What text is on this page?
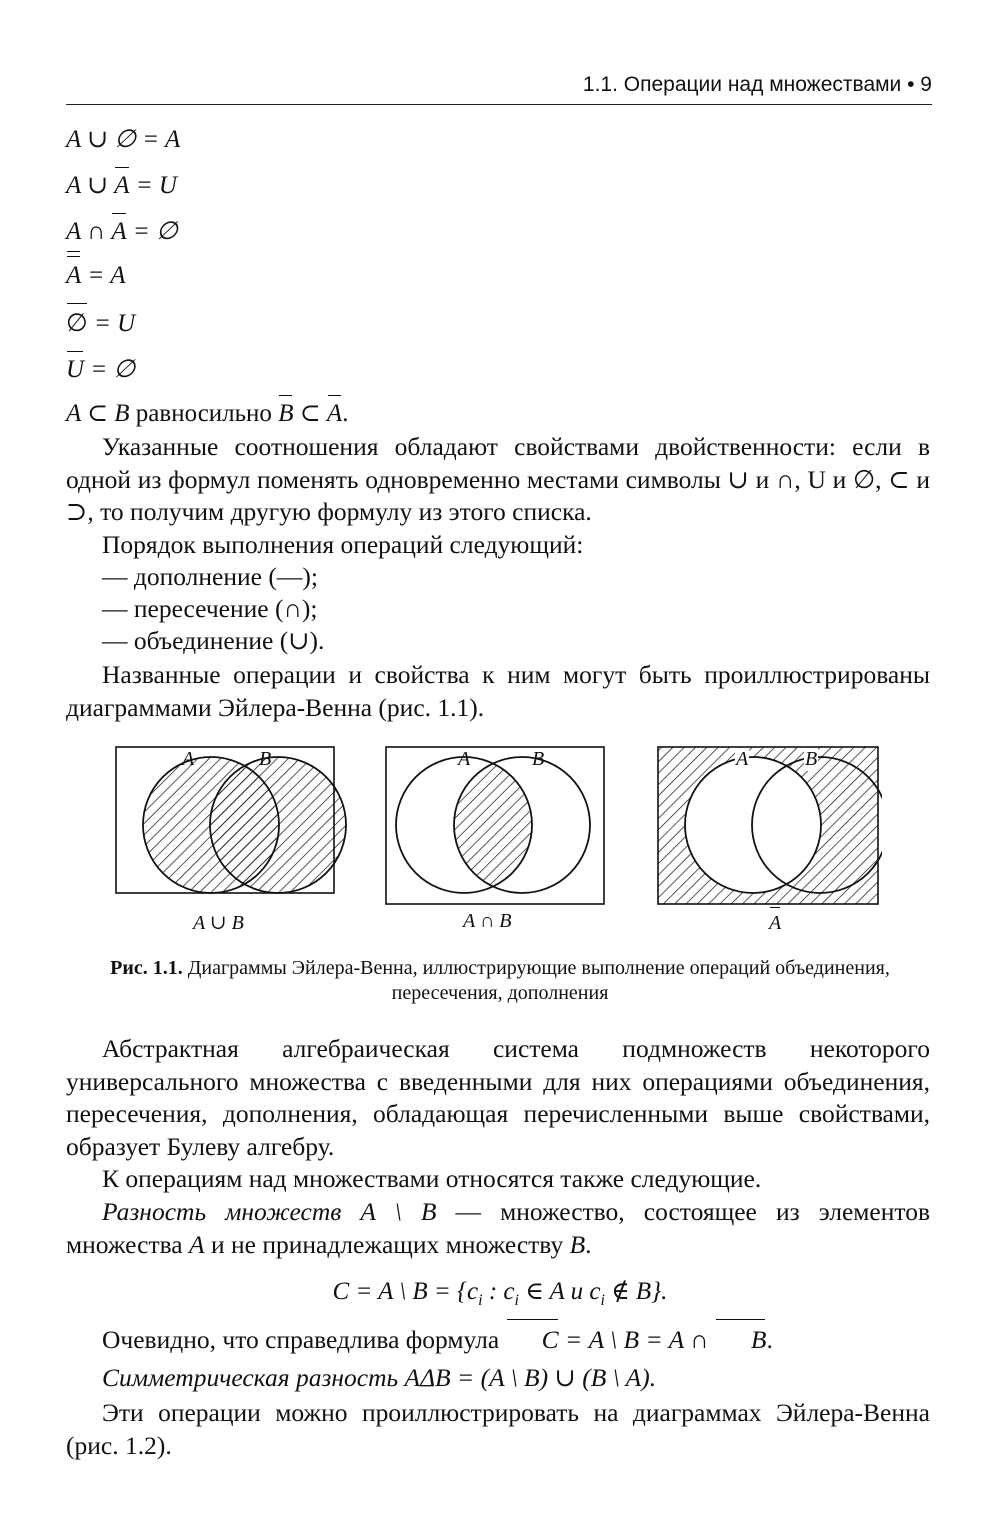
1.1. Операции над множествами • 9
A ∪ ∅ = A
A ∪ A = U
A ∩ A = ∅
A = A
∅ = U
U = ∅
A ⊂ B равносильно B ⊂ A.
Указанные соотношения обладают свойствами двойственности: если в одной из формул поменять одновременно местами символы ∪ и ∩, U и ∅, ⊂ и ⊃, то получим другую формулу из этого списка.
Порядок выполнения операций следующий:
— дополнение (—);
— пересечение (∩);
— объединение (∪).
Названные операции и свойства к ним могут быть проиллюстрированы диаграммами Эйлера-Венна (рис. 1.1).
A	B
A ∪ B
A	B
A ∩ B
A	B
A
Рис. 1.1. Диаграммы Эйлера-Венна, иллюстрирующие выполнение операций объединения, пересечения, дополнения
Абстрактная алгебраическая система подмножеств некоторого универсального множества с введенными для них операциями объединения, пересечения, дополнения, обладающая перечисленными выше свойствами, образует Булеву алгебру.
К операциям над множествами относятся также следующие.
Разность множеств A \ B — множество, состоящее из элементов множества A и не принадлежащих множеству B.
C = A \ $B = \{c_i$ : $c_i$ ∈ A и $c_i$ ∉ B}.
Очевидно, что справедлива формула C = A \ B = A ∩ B.
Симметрическая разность AΔB = (A \ B) ∪ (B \ A).
Эти операции можно проиллюстрировать на диаграммах Эйлера-Венна (рис. 1.2).
